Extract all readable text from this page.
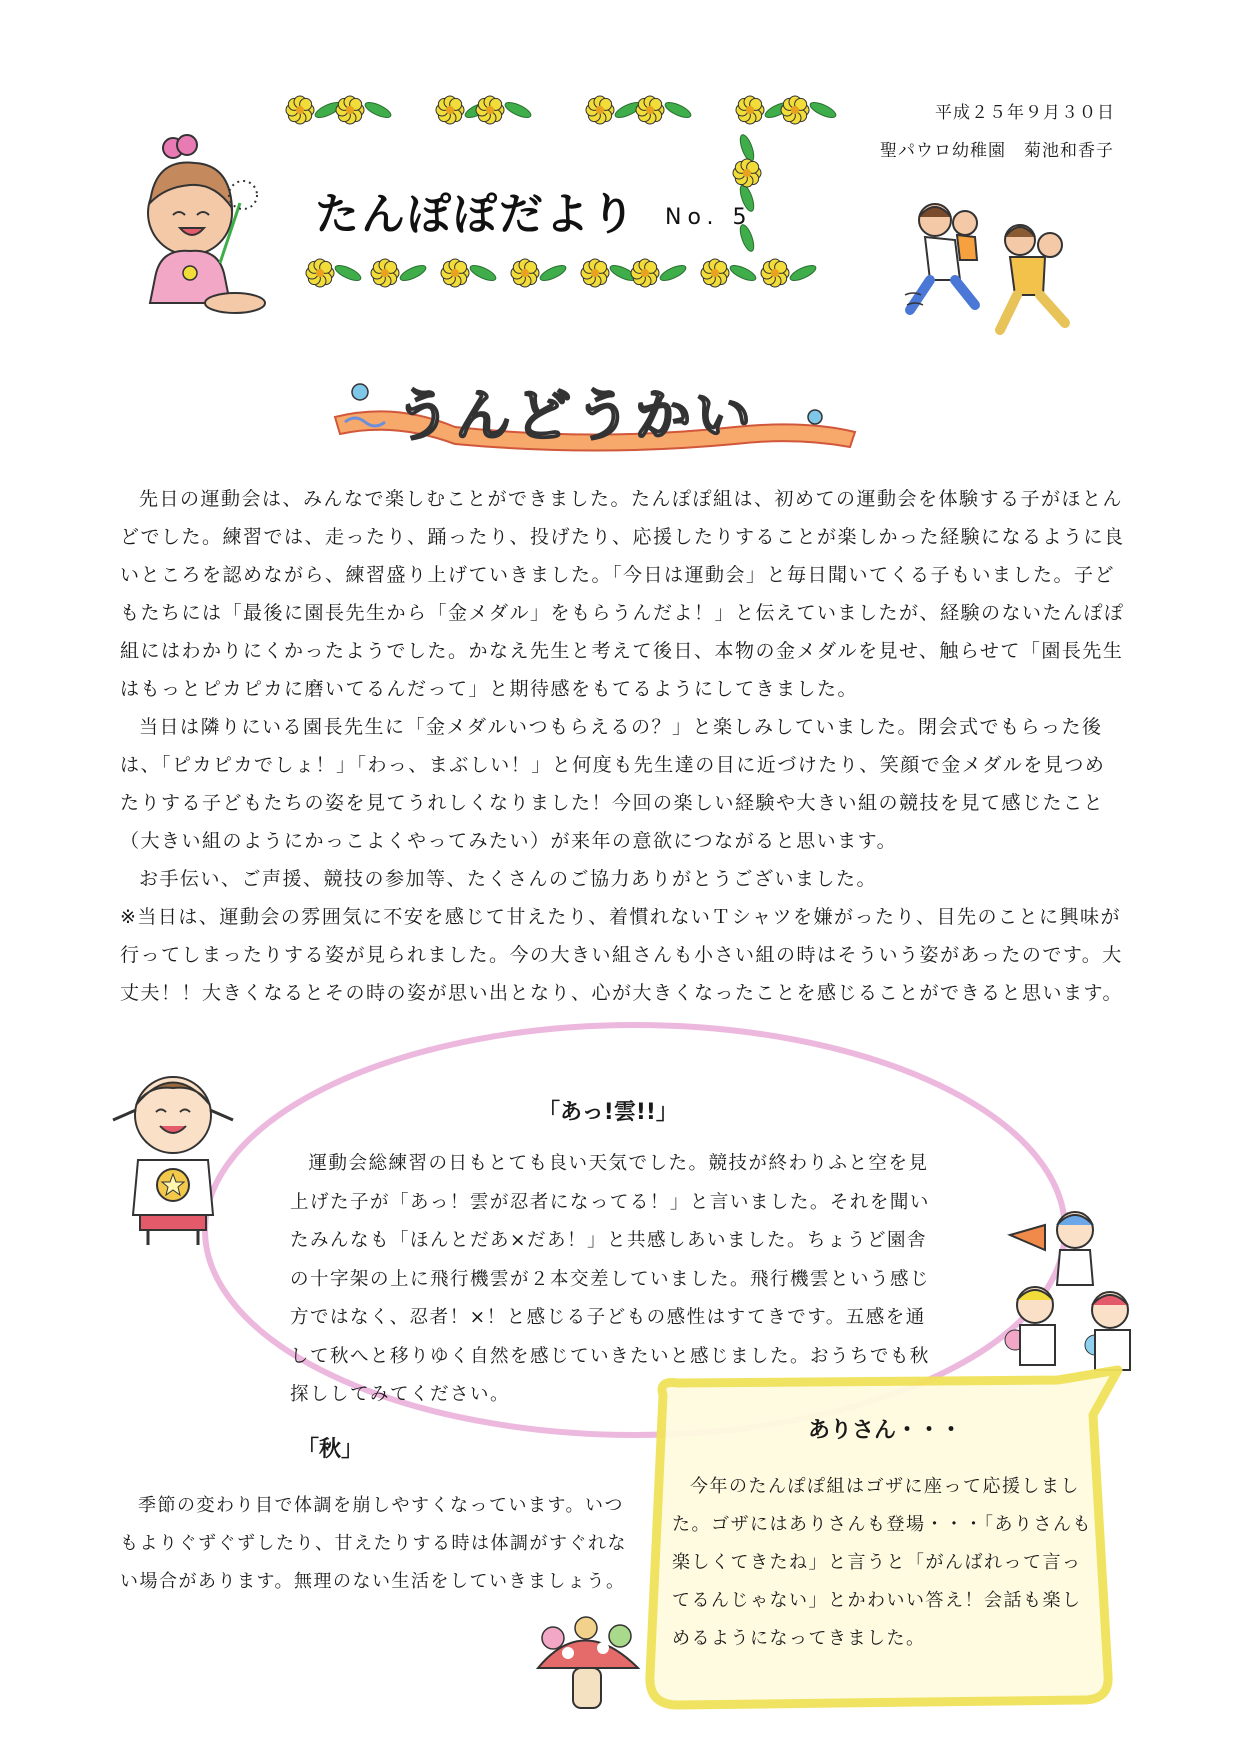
たんぽぽだより No. 5
平成２５年９月３０日
聖パウロ幼稚園　菊池和香子
うんどうかい

先日の運動会は、みんなで楽しむことができました。たんぽぽ組は、初めての運動会を体験する子がほとんどでした。練習では、走ったり、踊ったり、投げたり、応援したりすることが楽しかった経験になるように良いところを認めながら、練習盛り上げていきました。「今日は運動会」と毎日聞いてくる子もいました。子どもたちには「最後に園長先生から「金メダル」をもらうんだよ！」と伝えていましたが、経験のないたんぽぽ組にはわかりにくかったようでした。かなえ先生と考えて後日、本物の金メダルを見せ、触らせて「園長先生はもっとピカピカに磨いてるんだって」と期待感をもてるようにしてきました。

当日は隣りにいる園長先生に「金メダルいつもらえるの？」と楽しみしていました。閉会式でもらった後は、「ピカピカでしょ！」「わっ、まぶしい！」と何度も先生達の目に近づけたり、笑顔で金メダルを見つめたりする子どもたちの姿を見てうれしくなりました！今回の楽しい経験や大きい組の競技を見て感じたこと（大きい組のようにかっこよくやってみたい）が来年の意欲につながると思います。

お手伝い、ご声援、競技の参加等、たくさんのご協力ありがとうございました。

※当日は、運動会の雰囲気に不安を感じて甘えたり、着慣れないＴシャツを嫌がったり、目先のことに興味が行ってしまったりする姿が見られました。今の大きい組さんも小さい組の時はそういう姿があったのです。大丈夫！！大きくなるとその時の姿が思い出となり、心が大きくなったことを感じることができると思います。

「あっ!雲!!」

運動会総練習の日もとても良い天気でした。競技が終わりふと空を見上げた子が「あっ！雲が忍者になってる！」と言いました。それを聞いたみんなも「ほんとだあ×だあ！」と共感しあいました。ちょうど園舎の十字架の上に飛行機雲が２本交差していました。飛行機雲という感じ方ではなく、忍者！×！と感じる子どもの感性はすてきです。五感を通して秋へと移りゆく自然を感じていきたいと感じました。おうちでも秋探ししてみてください。

「秋」

季節の変わり目で体調を崩しやすくなっています。いつもよりぐずぐずしたり、甘えたりする時は体調がすぐれない場合があります。無理のない生活をしていきましょう。

ありさん・・・

今年のたんぽぽ組はゴザに座って応援しました。ゴザにはありさんも登場・・・「ありさんも楽しくてきたね」と言うと「がんばれって言ってるんじゃない」とかわいい答え！会話も楽しめるようになってきました。
